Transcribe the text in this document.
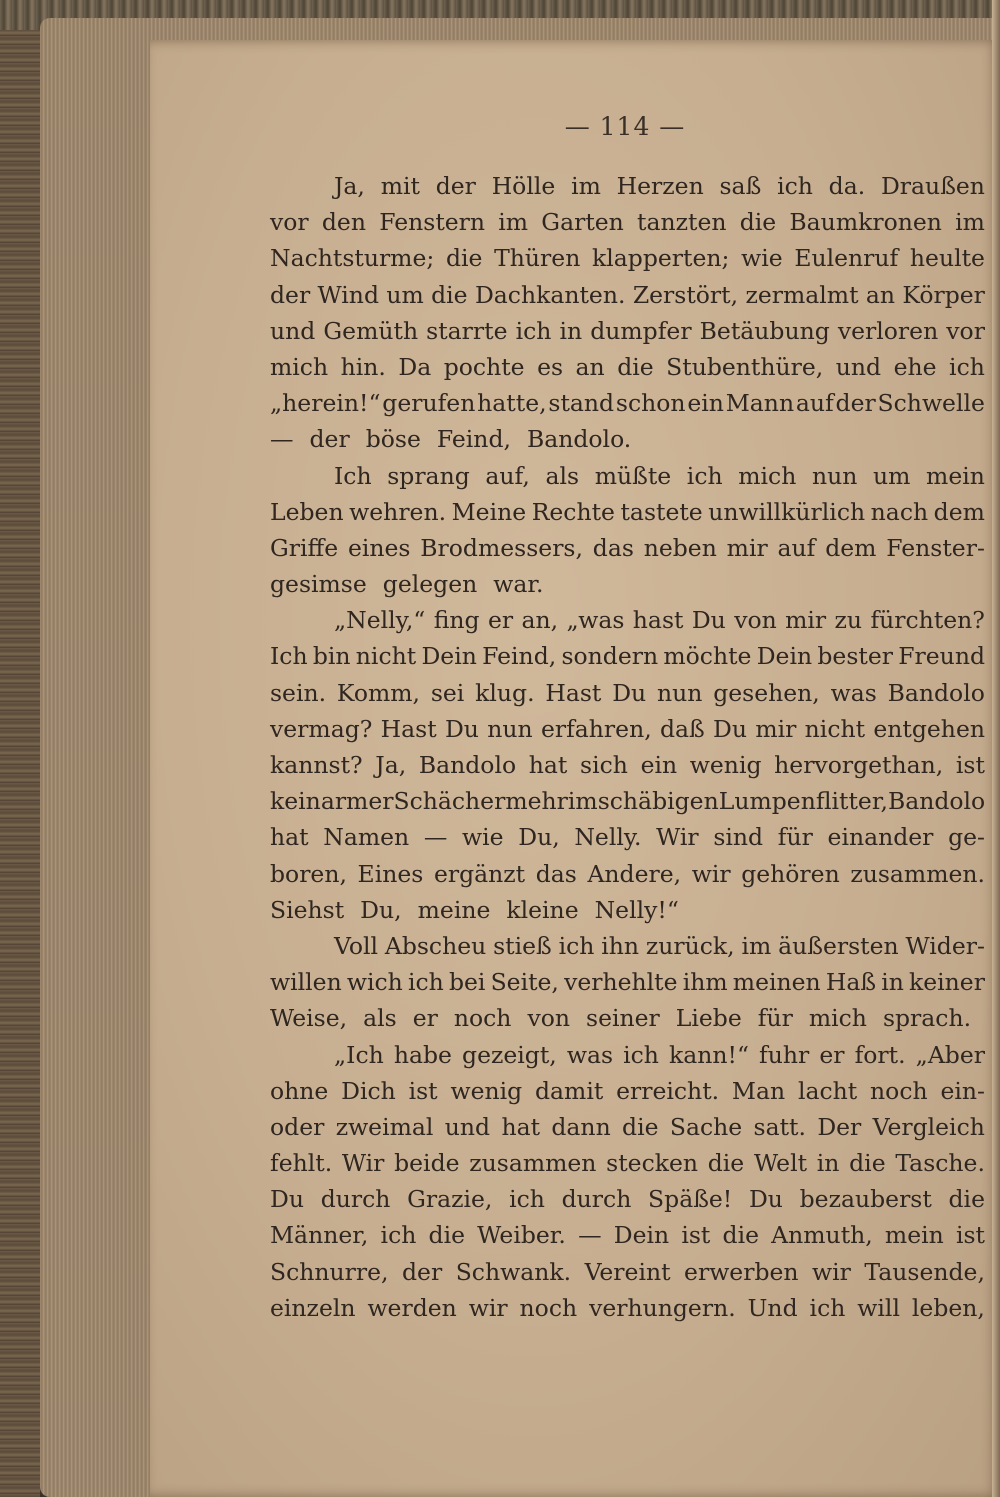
— 114 —
Ja, mit der Hölle im Herzen saß ich da. Draußen
vor den Fenstern im Garten tanzten die Baumkronen im
Nachtsturme; die Thüren klapperten; wie Eulenruf heulte
der Wind um die Dachkanten. Zerstört, zermalmt an Körper
und Gemüth starrte ich in dumpfer Betäubung verloren vor
mich hin. Da pochte es an die Stubenthüre, und ehe ich
„herein!“ gerufen hatte, stand schon ein Mann auf der Schwelle
— der böse Feind, Bandolo.
Ich sprang auf, als müßte ich mich nun um mein
Leben wehren. Meine Rechte tastete unwillkürlich nach dem
Griffe eines Brodmessers, das neben mir auf dem Fenster-
gesimse gelegen war.
„Nelly,“ fing er an, „was hast Du von mir zu fürchten?
Ich bin nicht Dein Feind, sondern möchte Dein bester Freund
sein. Komm, sei klug. Hast Du nun gesehen, was Bandolo
vermag? Hast Du nun erfahren, daß Du mir nicht entgehen
kannst? Ja, Bandolo hat sich ein wenig hervorgethan, ist
kein armer Schächer mehr im schäbigen Lumpenflitter, Bandolo
hat Namen — wie Du, Nelly. Wir sind für einander ge-
boren, Eines ergänzt das Andere, wir gehören zusammen.
Siehst Du, meine kleine Nelly!“
Voll Abscheu stieß ich ihn zurück, im äußersten Wider-
willen wich ich bei Seite, verhehlte ihm meinen Haß in keiner
Weise, als er noch von seiner Liebe für mich sprach.
„Ich habe gezeigt, was ich kann!“ fuhr er fort. „Aber
ohne Dich ist wenig damit erreicht. Man lacht noch ein-
oder zweimal und hat dann die Sache satt. Der Vergleich
fehlt. Wir beide zusammen stecken die Welt in die Tasche.
Du durch Grazie, ich durch Späße! Du bezauberst die
Männer, ich die Weiber. — Dein ist die Anmuth, mein ist
Schnurre, der Schwank. Vereint erwerben wir Tausende,
einzeln werden wir noch verhungern. Und ich will leben,
